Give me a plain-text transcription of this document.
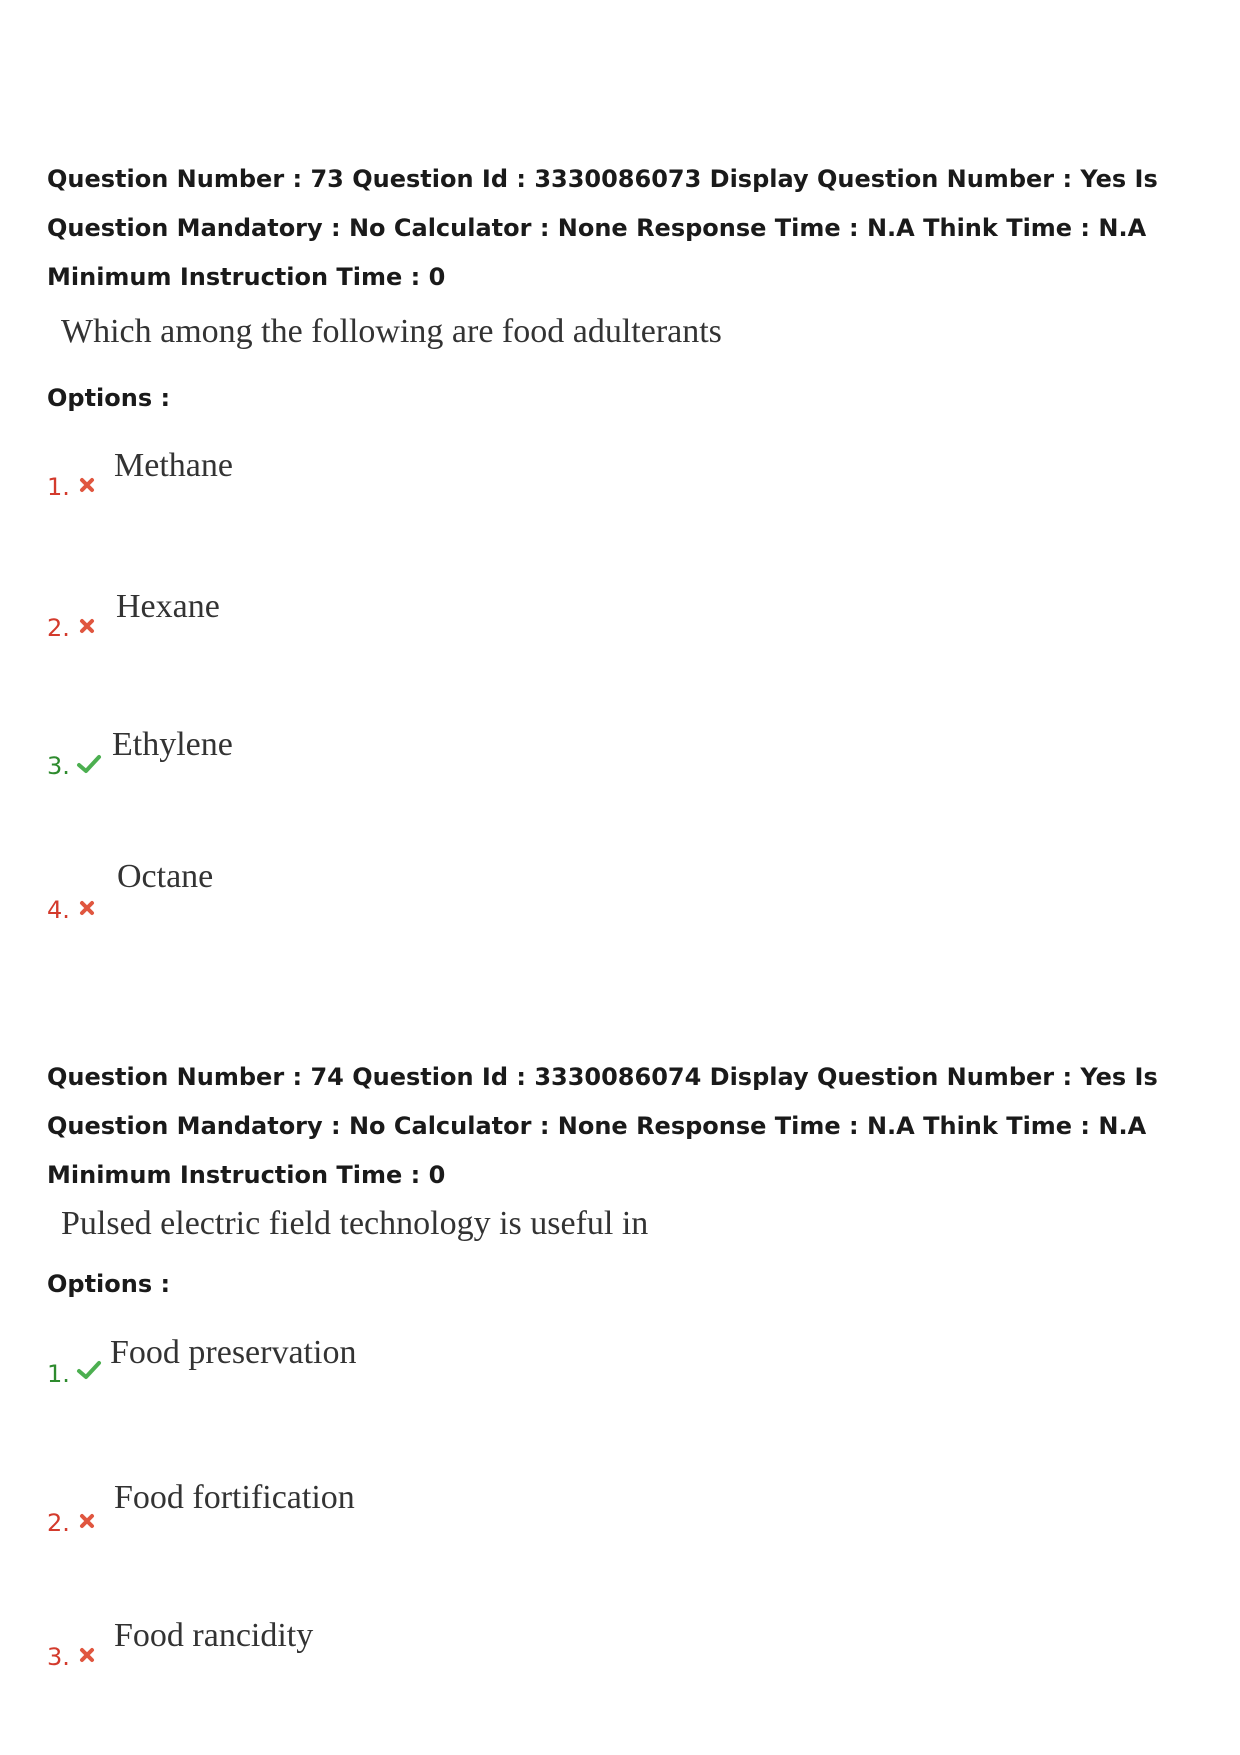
Question Number : 73 Question Id : 3330086073 Display Question Number : Yes Is Question Mandatory : No Calculator : None Response Time : N.A Think Time : N.A Minimum Instruction Time : 0

Which among the following are food adulterants

Options :

1.
Methane
2.
Hexane
3.
Ethylene
4.
Octane

Question Number : 74 Question Id : 3330086074 Display Question Number : Yes Is Question Mandatory : No Calculator : None Response Time : N.A Think Time : N.A Minimum Instruction Time : 0

Pulsed electric field technology is useful in

Options :

1.
Food preservation
2.
Food fortification
3.
Food rancidity
